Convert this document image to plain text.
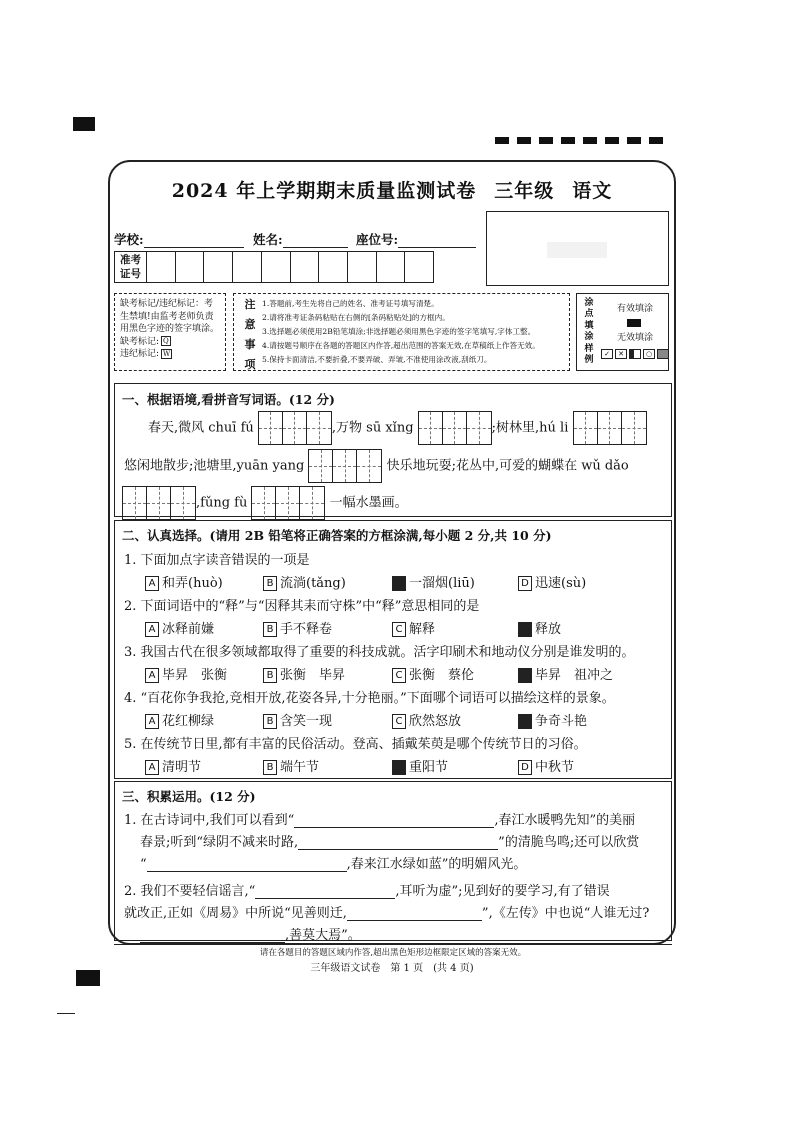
2024 年上学期期末质量监测试卷 三年级 语文
学校:	姓名:	座位号:
准考
证号
缺考标记/违纪标记：考
生禁填!由监考老师负责
用黑色字迹的签字填涂。
缺考标记: Q
违纪标记: W
注
意
事
项
1.答题前,考生先将自己的姓名、准考证号填写清楚。
2.请将准考证条码粘贴在右侧的[条码粘贴处]的方框内。
3.选择题必须使用2B铅笔填涂;非选择题必须用黑色字迹的签字笔填写,字体工整。
4.请按题号顺序在各题的答题区内作答,超出范围的答案无效,在草稿纸上作答无效。
5.保持卡面清洁,不要折叠,不要弄破、弄皱,不准使用涂改液,刮纸刀。
涂
点
填
涂
样
例
有效填涂
无效填涂
✓	✕	○
一、根据语境,看拼音写词语。(12 分)
春天,微风 chuī fú	,万物 sū xǐng	;树林里,hú li
悠闲地散步;池塘里,yuān yang	快乐地玩耍;花丛中,可爱的蝴蝶在 wǔ dǎo
,fǔng fù	一幅水墨画。
二、认真选择。(请用 2B 铅笔将正确答案的方框涂满,每小题 2 分,共 10 分)
1. 下面加点字读音错误的一项是
A 和弄(huò)	B 流淌(tǎng)	C 一溜烟(liū)	D 迅速(sù)
2. 下面词语中的“释”与“因释其耒而守株”中“释”意思相同的是
A 冰释前嫌	B 手不释卷	C 解释	D 释放
3. 我国古代在很多领域都取得了重要的科技成就。活字印刷术和地动仪分别是谁发明的。
A 毕昇　张衡	B 张衡　毕昇	C 张衡　蔡伦	D 毕昇　祖冲之
4. “百花你争我抢,竞相开放,花姿各异,十分艳丽。”下面哪个词语可以描绘这样的景象。
A 花红柳绿	B 含笑一现	C 欣然怒放	D 争奇斗艳
5. 在传统节日里,都有丰富的民俗活动。登高、插戴茱萸是哪个传统节日的习俗。
A 清明节	B 端午节	C 重阳节	D 中秋节
三、积累运用。(12 分)
1. 在古诗词中,我们可以看到“	,春江水暖鸭先知”的美丽
春景;听到“绿阴不减来时路,	”的清脆鸟鸣;还可以欣赏
“	,春来江水绿如蓝”的明媚风光。
2. 我们不要轻信谣言,“	,耳听为虚”;见到好的要学习,有了错误
就改正,正如《周易》中所说“见善则迁,	”,《左传》中也说“人谁无过?
,善莫大焉”。
请在各题目的答题区域内作答,超出黑色矩形边框限定区域的答案无效。
三年级语文试卷　第 1 页　(共 4 页)
